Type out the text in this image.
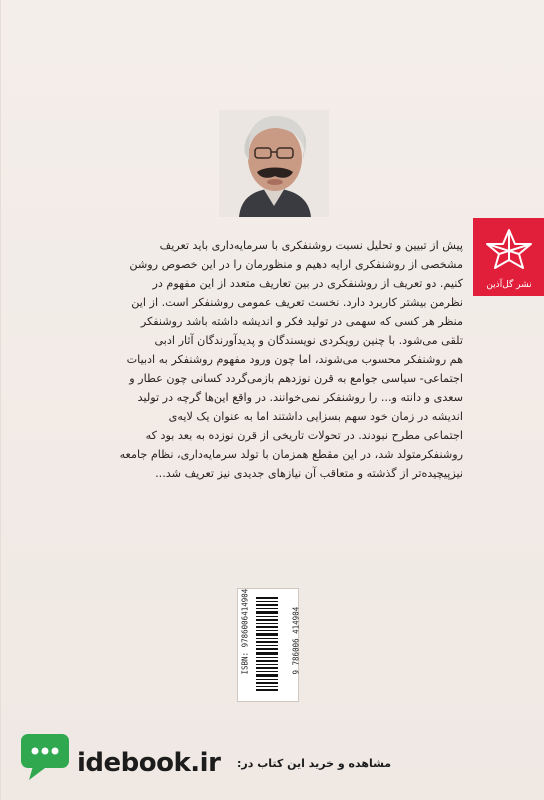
نشر گل‌آذین
پیش از تبیین و تحلیل نسبت روشنفکری با سرمایه‌داری باید تعریف
مشخصی از روشنفکری ارایه دهیم و منظورمان را در این خصوص روشن
کنیم. دو تعریف از روشنفکری در بین تعاریف متعدد از این مفهوم در
نظرمن بیشتر کاربرد دارد. نخست تعریف عمومی روشنفکر است. از این
منظر هر کسی که سهمی در تولید فکر و اندیشه داشته باشد روشنفکر
تلقی می‌شود. با چنین رویکردی نویسندگان و پدیدآورندگان آثار ادبی
هم روشنفکر محسوب می‌شوند، اما چون ورود مفهوم روشنفکر به ادبیات
اجتماعی- سیاسی جوامع به قرن نوزدهم بازمی‌گردد کسانی چون عطار و
سعدی و دانته و... را روشنفکر نمی‌خوانند. در واقع این‌ها گرچه در تولید
اندیشه در زمان خود سهم بسزایی داشتند اما به عنوان یک لایه‌ی
اجتماعی مطرح نبودند. در تحولات تاریخی از قرن نوزده به بعد بود که
روشنفکرمتولد شد، در این مقطع همزمان با تولد سرمایه‌داری، نظام جامعه
نیزپیچیده‌تر از گذشته و متعاقب آن نیازهای جدیدی نیز تعریف شد...
ISBN: 9786006414904	9 786006 414904
idebook.ir مشاهده و خرید این کتاب در:
